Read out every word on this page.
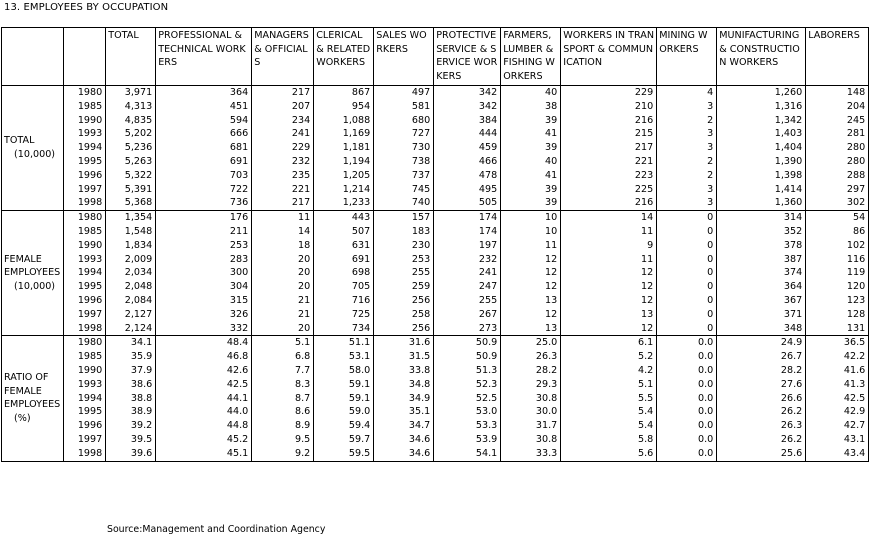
13. EMPLOYEES BY OCCUPATION
		TOTAL	PROFESSIONAL & TECHNICAL WORKERS	MANAGERS & OFFICIALS	CLERICAL & RELATED WORKERS	SALES WORKERS	PROTECTIVE SERVICE & SERVICE WORKERS	FARMERS, LUMBER & FISHING WORKERS	WORKERS IN TRANSPORT & COMMUNICATION	MINING WORKERS	MUNIFACTURING & CONSTRUCTION WORKERS	LABORERS

TOTAL
(10,000)	1980	3,971	364	217	867	497	342	40	229	4	1,260	148
	1985	4,313	451	207	954	581	342	38	210	3	1,316	204
	1990	4,835	594	234	1,088	680	384	39	216	2	1,342	245
	1993	5,202	666	241	1,169	727	444	41	215	3	1,403	281
	1994	5,236	681	229	1,181	730	459	39	217	3	1,404	280
	1995	5,263	691	232	1,194	738	466	40	221	2	1,390	280
	1996	5,322	703	235	1,205	737	478	41	223	2	1,398	288
	1997	5,391	722	221	1,214	745	495	39	225	3	1,414	297
	1998	5,368	736	217	1,233	740	505	39	216	3	1,360	302

FEMALE
EMPLOYEES
(10,000)	1980	1,354	176	11	443	157	174	10	14	0	314	54
	1985	1,548	211	14	507	183	174	10	11	0	352	86
	1990	1,834	253	18	631	230	197	11	9	0	378	102
	1993	2,009	283	20	691	253	232	12	11	0	387	116
	1994	2,034	300	20	698	255	241	12	12	0	374	119
	1995	2,048	304	20	705	259	247	12	12	0	364	120
	1996	2,084	315	21	716	256	255	13	12	0	367	123
	1997	2,127	326	21	725	258	267	12	13	0	371	128
	1998	2,124	332	20	734	256	273	13	12	0	348	131

RATIO OF
FEMALE
EMPLOYEES
(%)	1980	34.1	48.4	5.1	51.1	31.6	50.9	25.0	6.1	0.0	24.9	36.5
	1985	35.9	46.8	6.8	53.1	31.5	50.9	26.3	5.2	0.0	26.7	42.2
	1990	37.9	42.6	7.7	58.0	33.8	51.3	28.2	4.2	0.0	28.2	41.6
	1993	38.6	42.5	8.3	59.1	34.8	52.3	29.3	5.1	0.0	27.6	41.3
	1994	38.8	44.1	8.7	59.1	34.9	52.5	30.8	5.5	0.0	26.6	42.5
	1995	38.9	44.0	8.6	59.0	35.1	53.0	30.0	5.4	0.0	26.2	42.9
	1996	39.2	44.8	8.9	59.4	34.7	53.3	31.7	5.4	0.0	26.3	42.7
	1997	39.5	45.2	9.5	59.7	34.6	53.9	30.8	5.8	0.0	26.2	43.1
	1998	39.6	45.1	9.2	59.5	34.6	54.1	33.3	5.6	0.0	25.6	43.4
Source:Management and Coordination Agency
